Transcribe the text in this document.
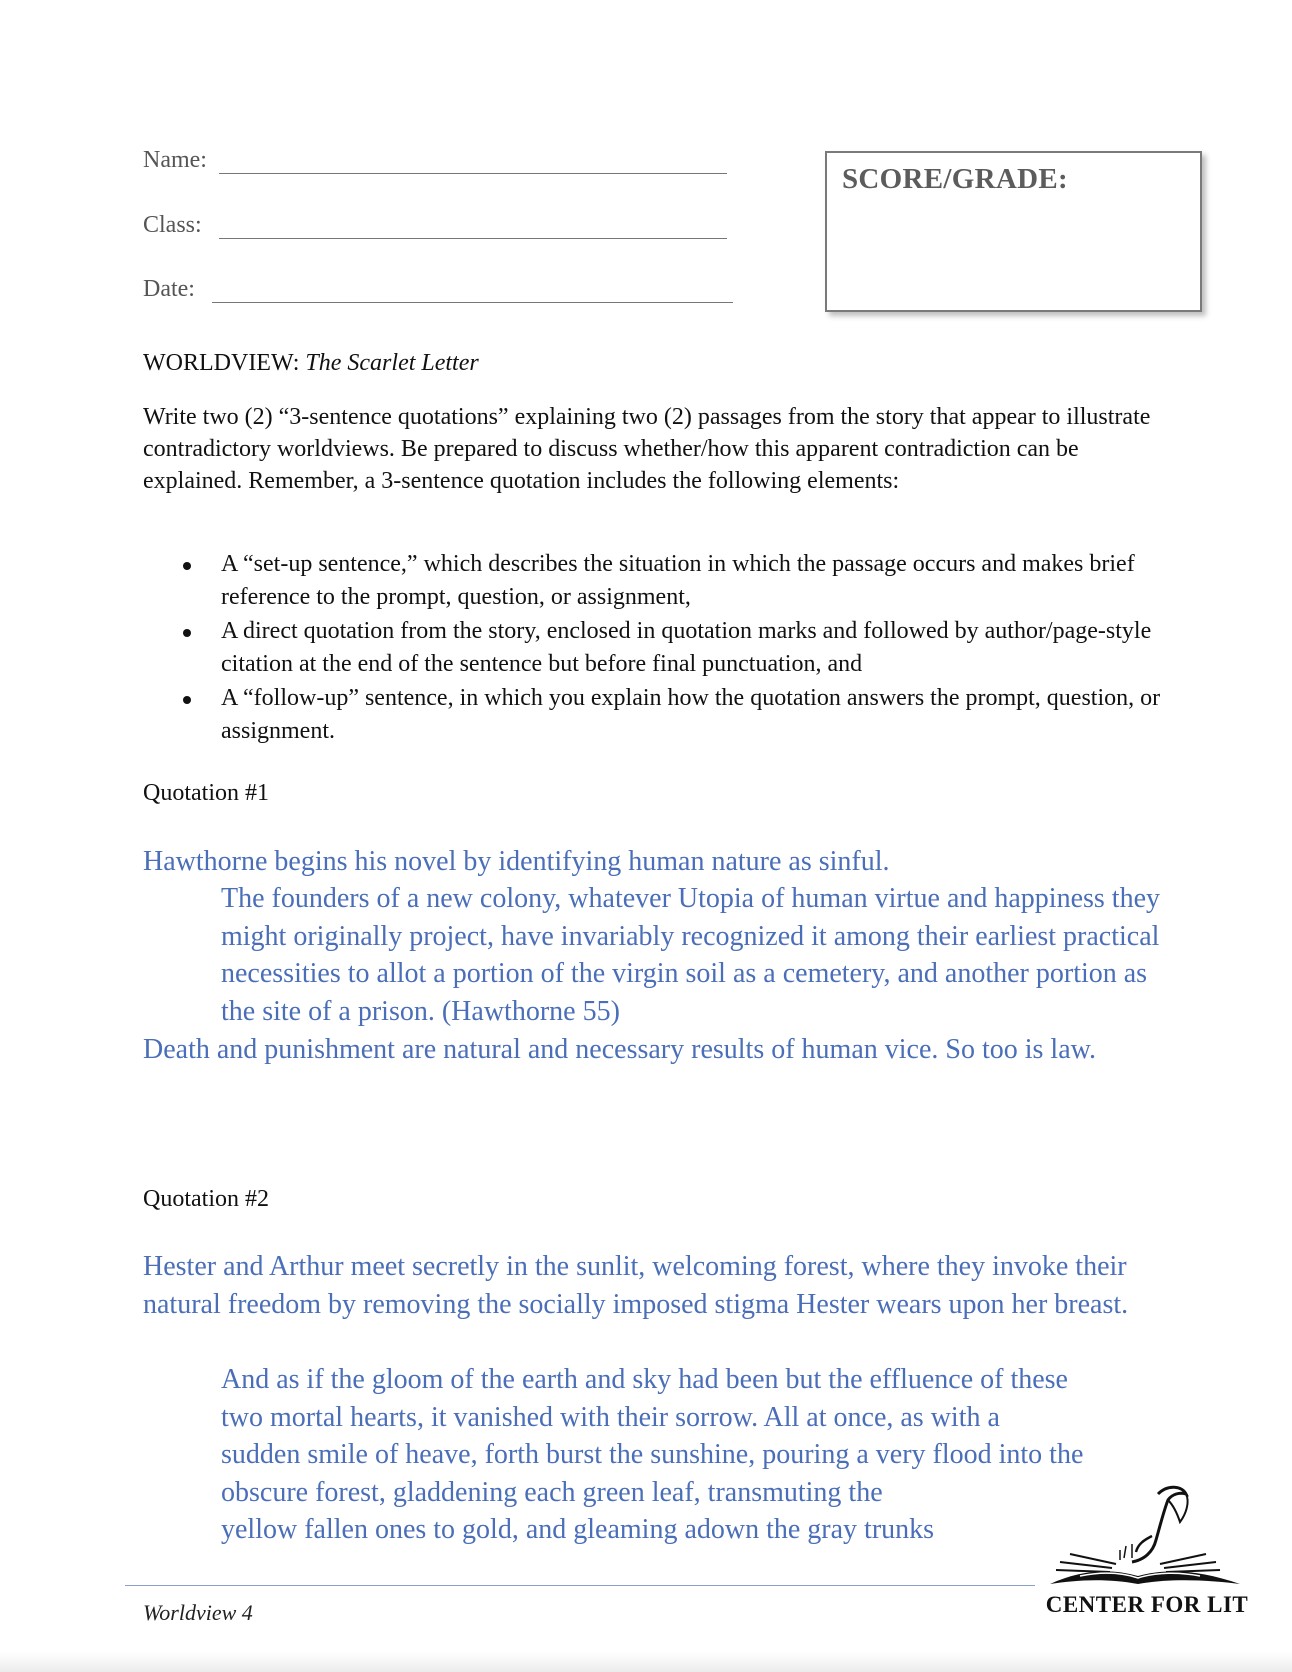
Name:
Class:
Date:
SCORE/GRADE:
WORLDVIEW: The Scarlet Letter
Write two (2) “3-sentence quotations” explaining two (2) passages from the story that appear to illustrate contradictory worldviews. Be prepared to discuss whether/how this apparent contradiction can be explained. Remember, a 3-sentence quotation includes the following elements:
A “set-up sentence,” which describes the situation in which the passage occurs and makes brief reference to the prompt, question, or assignment,
A direct quotation from the story, enclosed in quotation marks and followed by author/page-style citation at the end of the sentence but before final punctuation, and
A “follow-up” sentence, in which you explain how the quotation answers the prompt, question, or assignment.
Quotation #1
Hawthorne begins his novel by identifying human nature as sinful.
The founders of a new colony, whatever Utopia of human virtue and happiness they might originally project, have invariably recognized it among their earliest practical necessities to allot a portion of the virgin soil as a cemetery, and another portion as the site of a prison. (Hawthorne 55)
Death and punishment are natural and necessary results of human vice. So too is law.
Quotation #2
Hester and Arthur meet secretly in the sunlit, welcoming forest, where they invoke their natural freedom by removing the socially imposed stigma Hester wears upon her breast.
And as if the gloom of the earth and sky had been but the effluence of these
two mortal hearts, it vanished with their sorrow. All at once, as with a
sudden smile of heave, forth burst the sunshine, pouring a very flood into the
obscure forest, gladdening each green leaf, transmuting the
yellow fallen ones to gold, and gleaming adown the gray trunks
Worldview 4	CENTER FOR LIT
